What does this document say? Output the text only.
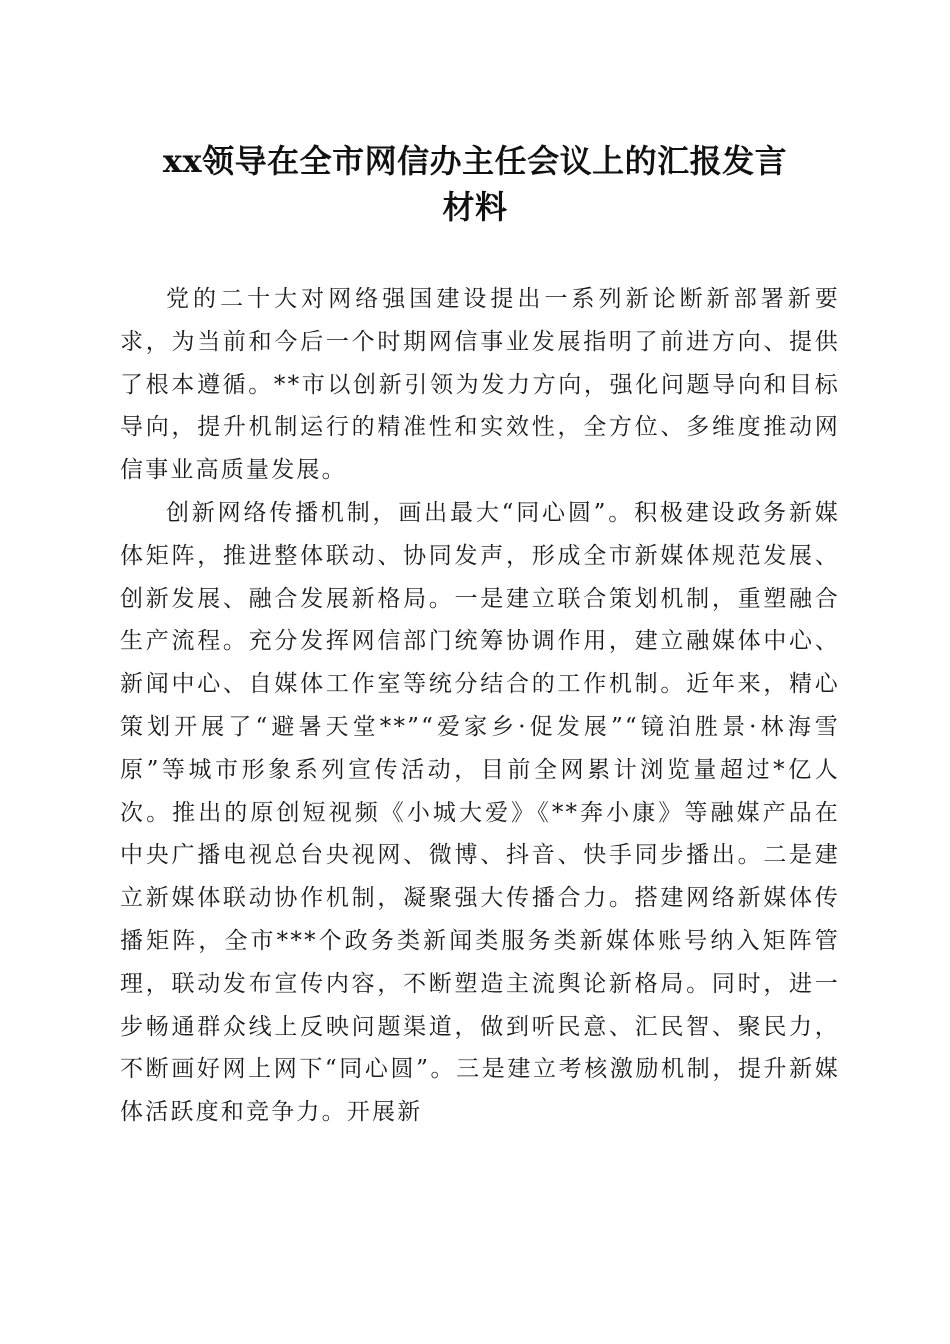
xx领导在全市网信办主任会议上的汇报发言
材料

党的二十大对网络强国建设提出一系列新论断新部署新要求，为当前和今后一个时期网信事业发展指明了前进方向、提供了根本遵循。**市以创新引领为发力方向，强化问题导向和目标导向，提升机制运行的精准性和实效性，全方位、多维度推动网信事业高质量发展。

创新网络传播机制，画出最大“同心圆”。积极建设政务新媒体矩阵，推进整体联动、协同发声，形成全市新媒体规范发展、创新发展、融合发展新格局。一是建立联合策划机制，重塑融合生产流程。充分发挥网信部门统筹协调作用，建立融媒体中心、新闻中心、自媒体工作室等统分结合的工作机制。近年来，精心策划开展了“避暑天堂**”“爱家乡·促发展”“镜泊胜景·林海雪原”等城市形象系列宣传活动，目前全网累计浏览量超过*亿人次。推出的原创短视频《小城大爱》《**奔小康》等融媒产品在中央广播电视总台央视网、微博、抖音、快手同步播出。二是建立新媒体联动协作机制，凝聚强大传播合力。搭建网络新媒体传播矩阵，全市***个政务类新闻类服务类新媒体账号纳入矩阵管理，联动发布宣传内容，不断塑造主流舆论新格局。同时，进一步畅通群众线上反映问题渠道，做到听民意、汇民智、聚民力，不断画好网上网下“同心圆”。三是建立考核激励机制，提升新媒体活跃度和竞争力。开展新
